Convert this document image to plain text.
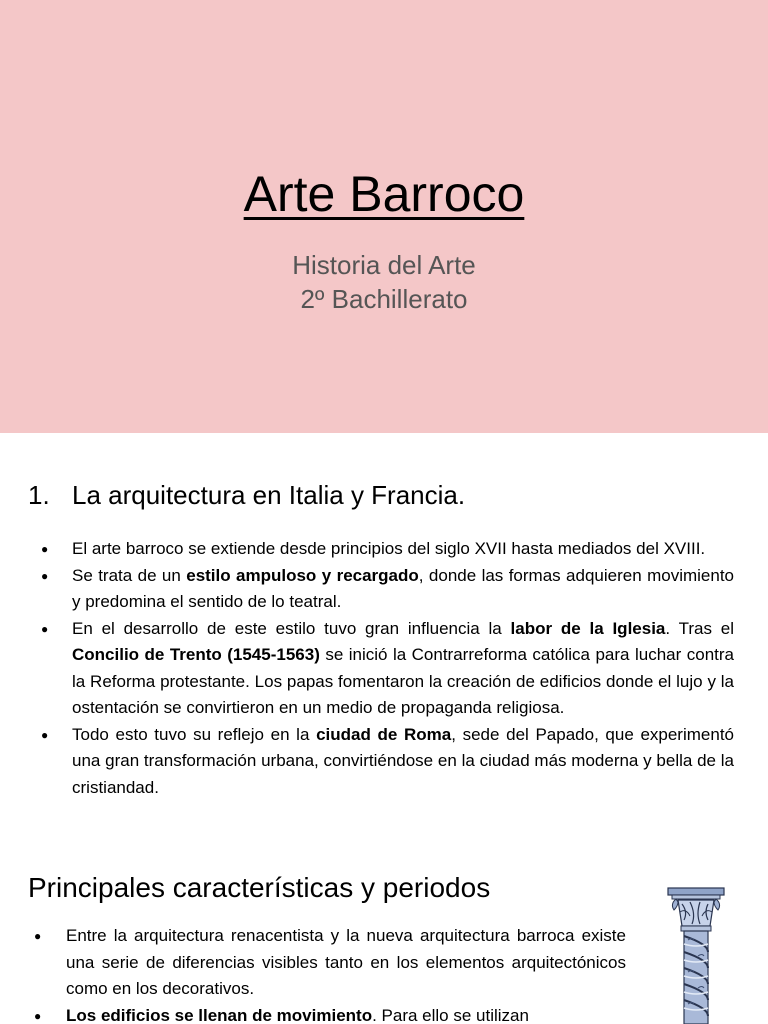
Arte Barroco
Historia del Arte
2º Bachillerato
1. La arquitectura en Italia y Francia.
● El arte barroco se extiende desde principios del siglo XVII hasta mediados del XVIII.
● Se trata de un estilo ampuloso y recargado, donde las formas adquieren movimiento y predomina el sentido de lo teatral.
● En el desarrollo de este estilo tuvo gran influencia la labor de la Iglesia. Tras el Concilio de Trento (1545-1563) se inició la Contrarreforma católica para luchar contra la Reforma protestante. Los papas fomentaron la creación de edificios donde el lujo y la ostentación se convirtieron en un medio de propaganda religiosa.
● Todo esto tuvo su reflejo en la ciudad de Roma, sede del Papado, que experimentó una gran transformación urbana, convirtiéndose en la ciudad más moderna y bella de la cristiandad.
Principales características y periodos
● Entre la arquitectura renacentista y la nueva arquitectura barroca existe una serie de diferencias visibles tanto en los elementos arquitectónicos como en los decorativos.
● Los edificios se llenan de movimiento. Para ello se utilizan
